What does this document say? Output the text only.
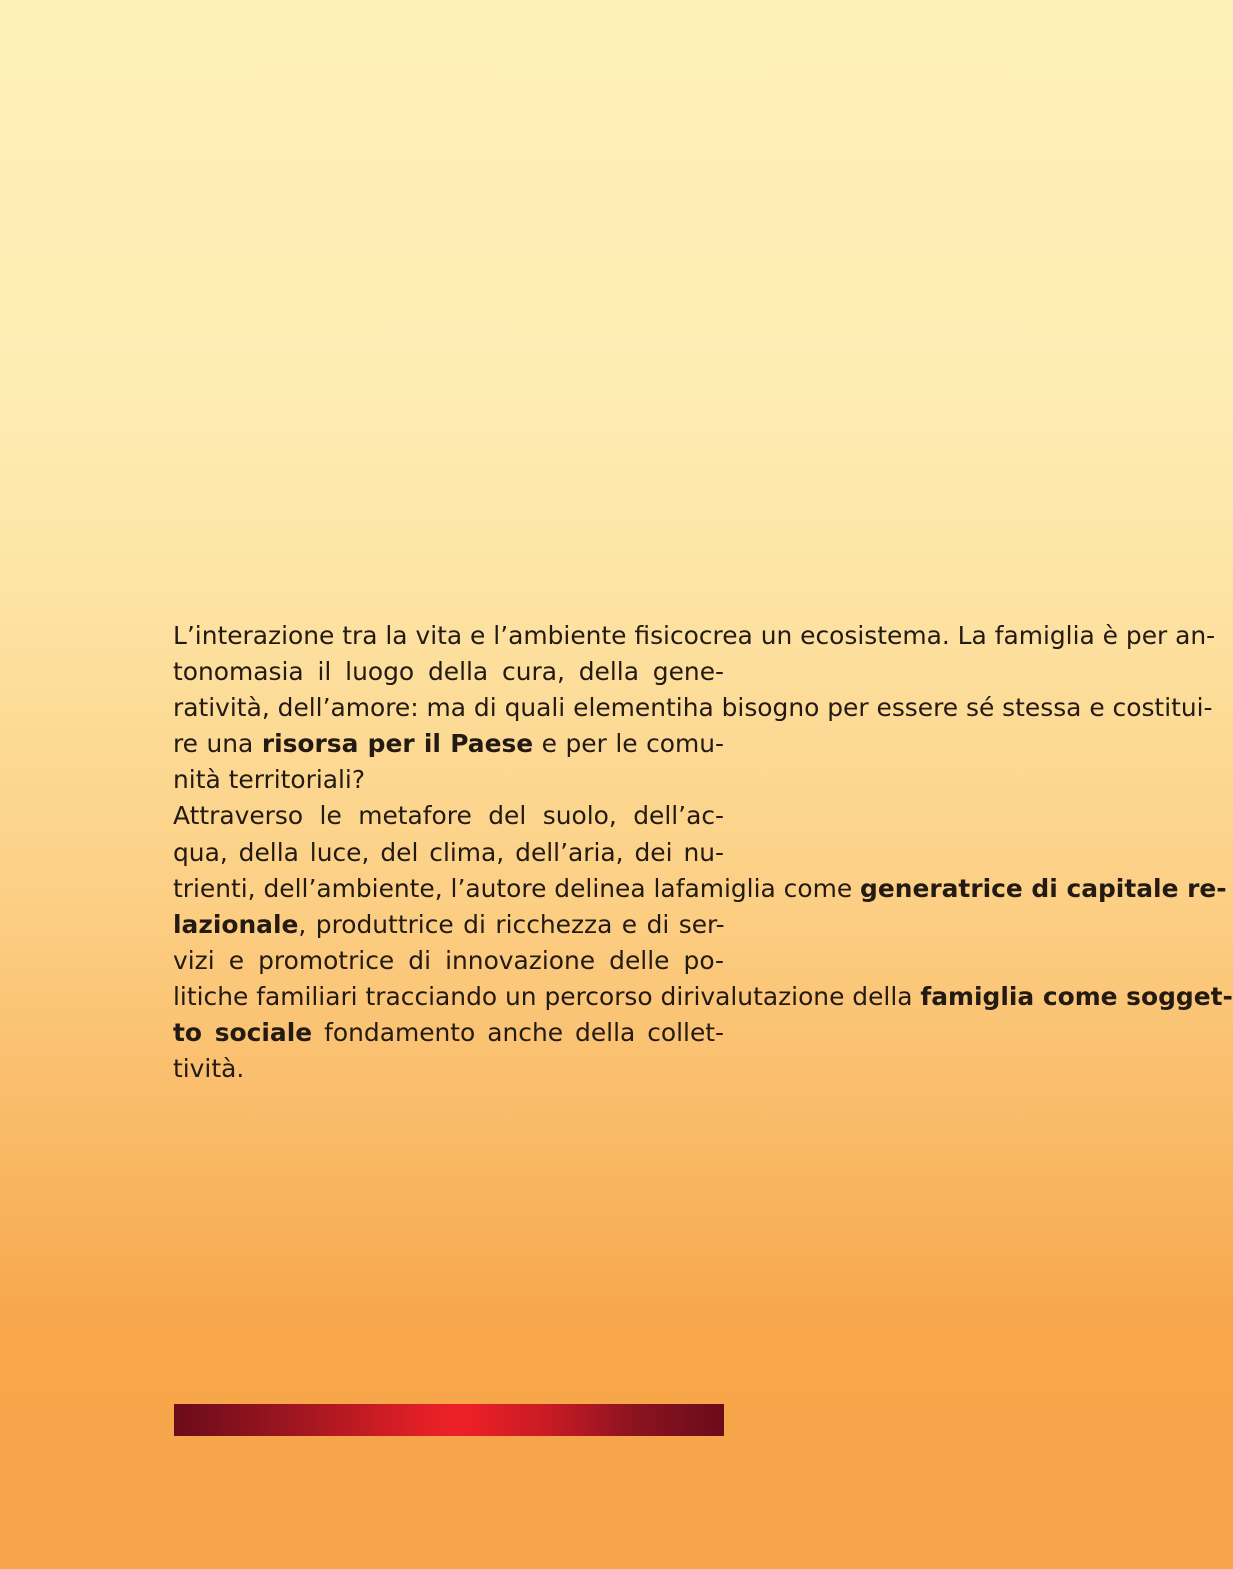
L’interazione tra la vita e l’ambiente fisicocrea un ecosistema. La famiglia è per an-tonomasia il luogo della cura, della gene-ratività, dell’amore: ma di quali elementiha bisogno per essere sé stessa e costitui-re una risorsa per il Paese e per le comu-nità territoriali?

Attraverso le metafore del suolo, dell’ac-qua, della luce, del clima, dell’aria, dei nu-trienti, dell’ambiente, l’autore delinea lafamiglia come generatrice di capitale re-lazionale, produttrice di ricchezza e di ser-vizi e promotrice di innovazione delle po-litiche familiari tracciando un percorso dirivalutazione della famiglia come sogget-to sociale fondamento anche della collet-tività.
